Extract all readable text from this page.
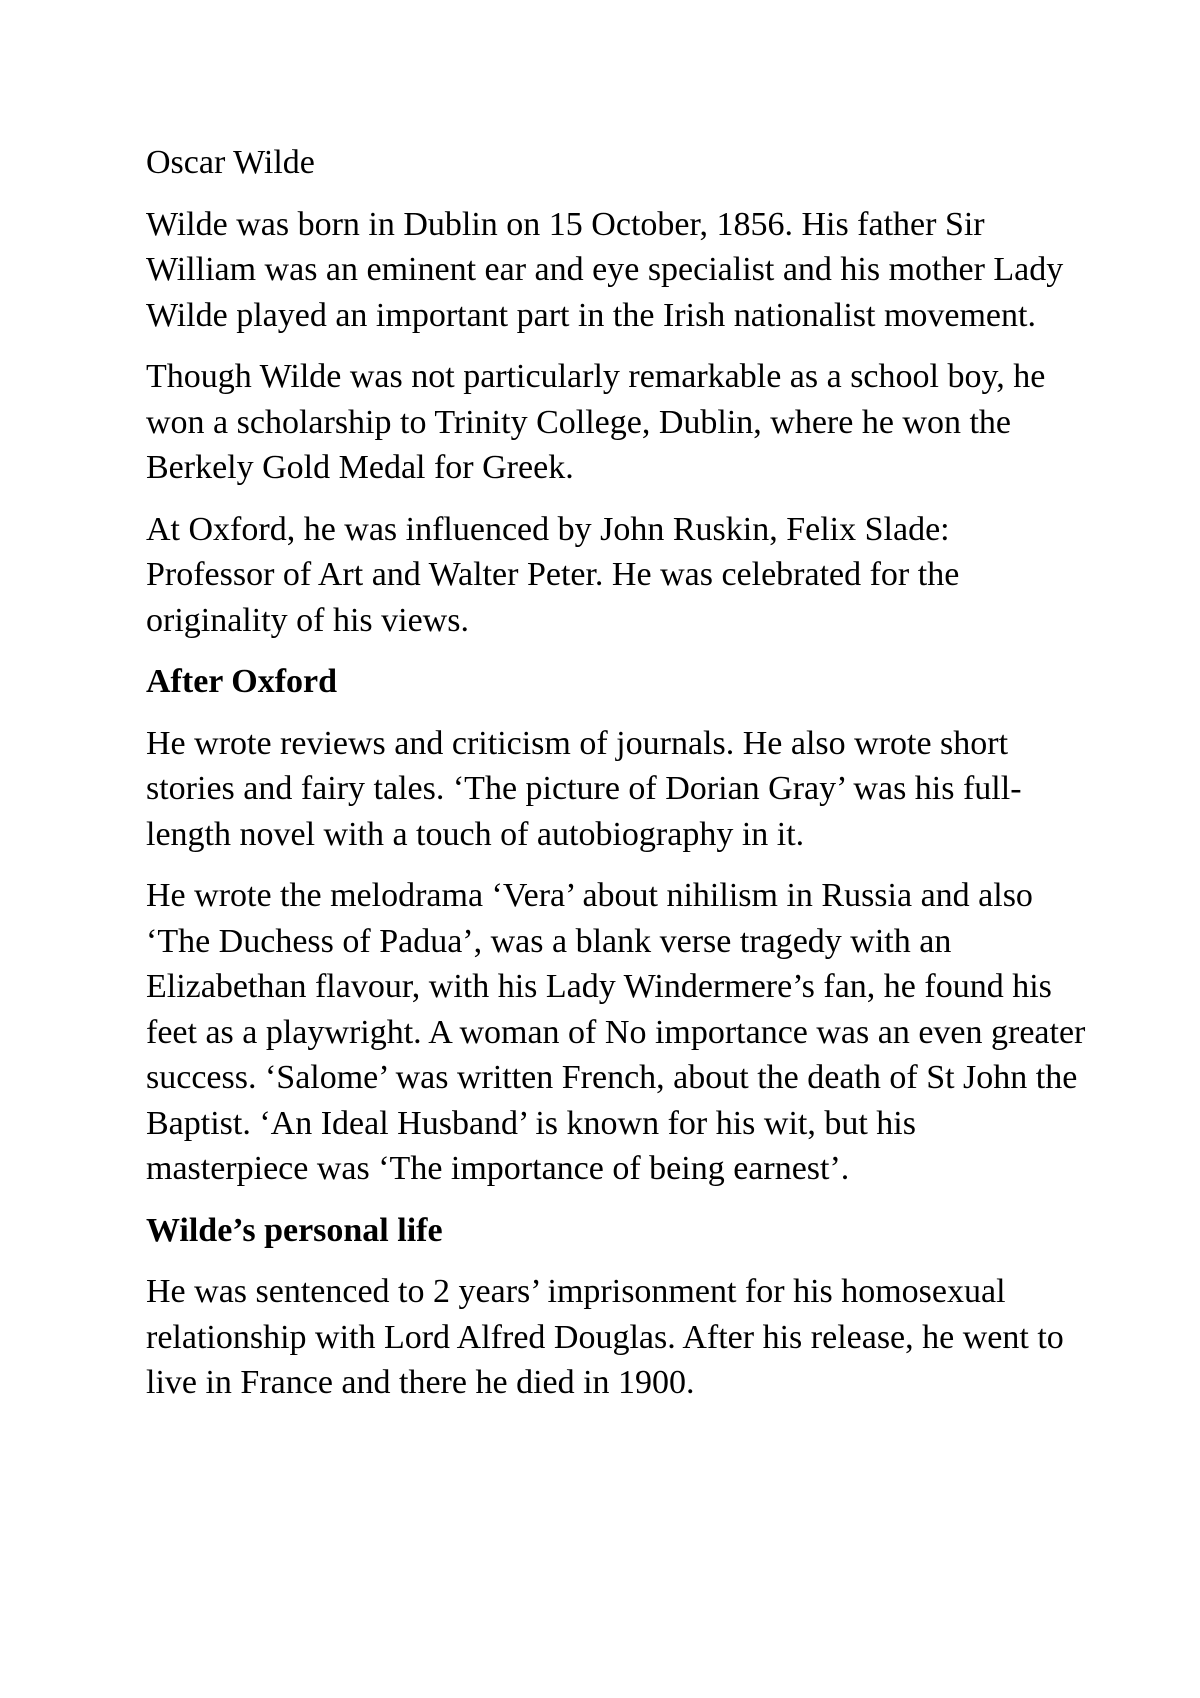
Oscar Wilde

Wilde was born in Dublin on 15 October, 1856. His father Sir William was an eminent ear and eye specialist and his mother Lady Wilde played an important part in the Irish nationalist movement.

Though Wilde was not particularly remarkable as a school boy, he won a scholarship to Trinity College, Dublin, where he won the Berkely Gold Medal for Greek.

At Oxford, he was influenced by John Ruskin, Felix Slade: Professor of Art and Walter Peter. He was celebrated for the originality of his views.

After Oxford

He wrote reviews and criticism of journals. He also wrote short stories and fairy tales. ‘The picture of Dorian Gray’ was his full-length novel with a touch of autobiography in it.

He wrote the melodrama ‘Vera’ about nihilism in Russia and also ‘The Duchess of Padua’, was a blank verse tragedy with an Elizabethan flavour, with his Lady Windermere’s fan, he found his feet as a playwright. A woman of No importance was an even greater success. ‘Salome’ was written French, about the death of St John the Baptist. ‘An Ideal Husband’ is known for his wit, but his masterpiece was ‘The importance of being earnest’.

Wilde’s personal life

He was sentenced to 2 years’ imprisonment for his homosexual relationship with Lord Alfred Douglas. After his release, he went to live in France and there he died in 1900.
